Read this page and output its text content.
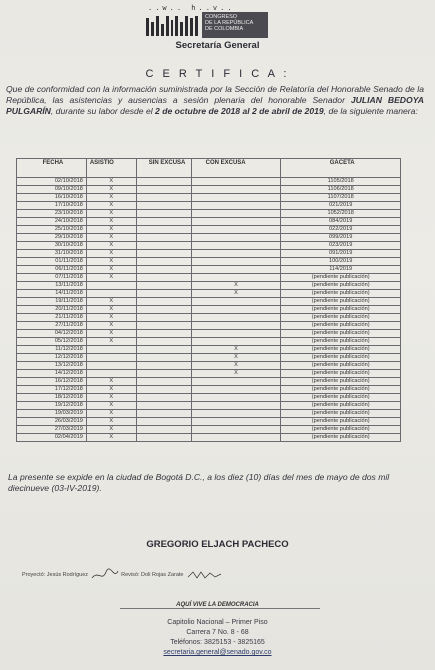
..w.. h..v..
CONGRESO
DE LA REPÚBLICA
DE COLOMBIA
Secretaría General
C E R T I F I C A :
Que de conformidad con la información suministrada por la Sección de Relatoría del Honorable Senado de la República, las asistencias y ausencias a sesión plenaria del honorable Senador JULIAN BEDOYA PULGARÍN, durante su labor desde el 2 de octubre de 2018 al 2 de abril de 2019, de la siguiente manera:
FECHA	ASISTIO	SIN EXCUSA	CON EXCUSA	GACETA
02/10/2018	X			1105/2018
09/10/2018	X			1106/2018
16/10/2018	X			1107/2018
17/10/2018	X			021/2019
23/10/2018	X			1052/2018
24/10/2018	X			084/2019
25/10/2018	X			022/2019
29/10/2018	X			099/2019
30/10/2018	X			023/2019
31/10/2018	X			091/2019
01/11/2018	X			100/2019
06/11/2018	X			114/2019
07/11/2018	X			(pendiente publicación)
13/11/2018			X	(pendiente publicación)
14/11/2018			X	(pendiente publicación)
19/11/2018	X			(pendiente publicación)
20/11/2018	X			(pendiente publicación)
21/11/2018	X			(pendiente publicación)
27/11/2018	X			(pendiente publicación)
04/12/2018	X			(pendiente publicación)
05/12/2018	X			(pendiente publicación)
11/12/2018			X	(pendiente publicación)
12/12/2018			X	(pendiente publicación)
13/12/2018			X	(pendiente publicación)
14/12/2018			X	(pendiente publicación)
16/12/2018	X			(pendiente publicación)
17/12/2018	X			(pendiente publicación)
18/12/2018	X			(pendiente publicación)
19/12/2018	X			(pendiente publicación)
19/03/2019	X			(pendiente publicación)
26/03/2019	X			(pendiente publicación)
27/03/2019	X			(pendiente publicación)
02/04/2019	X			(pendiente publicación)
La presente se expide en la ciudad de Bogotá D.C., a los diez (10) días del mes de mayo de dos mil diecinueve (03-IV-2019).
GREGORIO ELJACH PACHECO
Proyectó: Jesús Rodríguez	Revisó: Doli Rojas Zarate
AQUÍ VIVE LA DEMOCRACIA
Capitolio Nacional – Primer Piso
Carrera 7 No. 8 - 68
Teléfonos: 3825153 - 3825165
secretaria.general@senado.gov.co
